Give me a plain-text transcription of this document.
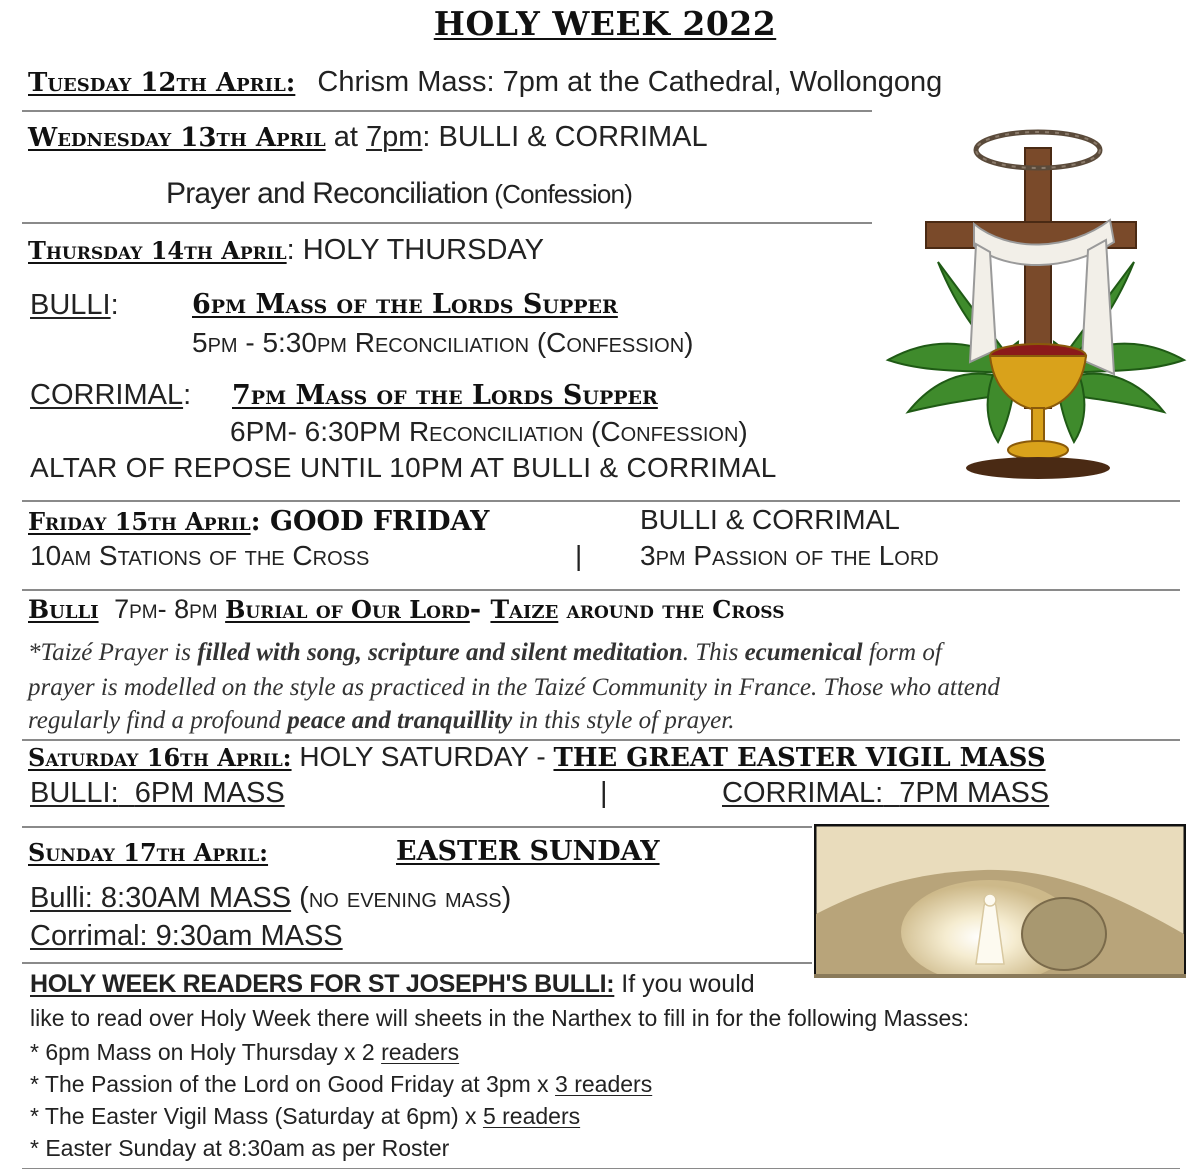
HOLY WEEK 2022
Tuesday 12th April: Chrism Mass: 7pm at the Cathedral, Wollongong
Wednesday 13th April at 7pm: BULLI & CORRIMAL
Prayer and Reconciliation (Confession)
Thursday 14th April: HOLY THURSDAY
BULLI:	6pm Mass of the Lords Supper
5pm - 5:30pm Reconciliation (Confession)
CORRIMAL: 7pm Mass of the Lords Supper
6PM- 6:30PM Reconciliation (Confession)
ALTAR OF REPOSE UNTIL 10PM AT BULLI & CORRIMAL
Friday 15th April: GOOD FRIDAY	BULLI & CORRIMAL
10am Stations of the Cross	| 3pm Passion of the Lord
Bulli 7pm- 8pm Burial of Our Lord- Taize around the Cross
*Taizé Prayer is filled with song, scripture and silent meditation. This ecumenical form of
prayer is modelled on the style as practiced in the Taizé Community in France. Those who attend
regularly find a profound peace and tranquillity in this style of prayer.
Saturday 16th April: HOLY SATURDAY - THE GREAT EASTER VIGIL MASS
BULLI: 6PM MASS	|	CORRIMAL: 7PM MASS
Sunday 17th April:	EASTER SUNDAY
Bulli: 8:30AM MASS (no evening mass)
Corrimal: 9:30am MASS
HOLY WEEK READERS FOR ST JOSEPH'S BULLI: If you would
like to read over Holy Week there will sheets in the Narthex to fill in for the following Masses:
* 6pm Mass on Holy Thursday x 2 readers
* The Passion of the Lord on Good Friday at 3pm x 3 readers
* The Easter Vigil Mass (Saturday at 6pm) x 5 readers
* Easter Sunday at 8:30am as per Roster
